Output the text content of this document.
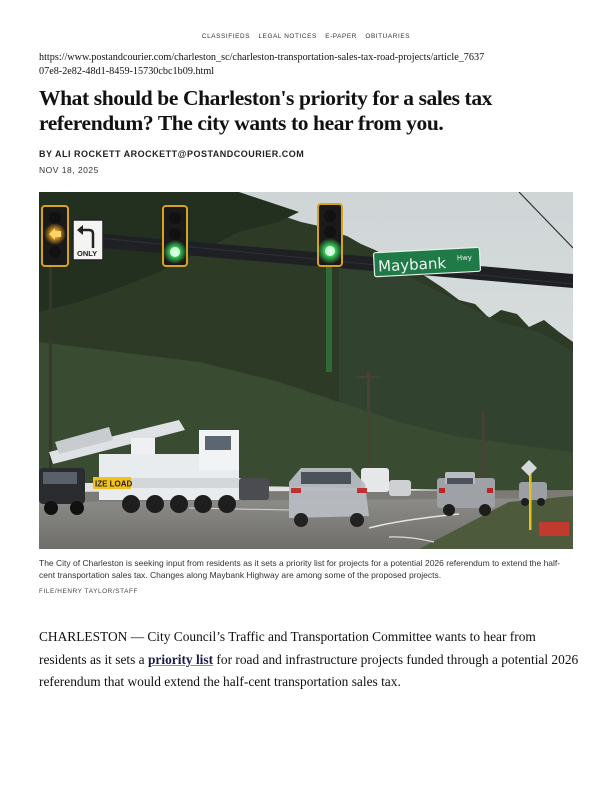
CLASSIFIEDS LEGAL NOTICES E-PAPER OBITUARIES
https://www.postandcourier.com/charleston_sc/charleston-transportation-sales-tax-road-projects/article_763707e8-2e82-48d1-8459-15730cbc1b09.html
What should be Charleston's priority for a sales tax referendum? The city wants to hear from you.
BY ALI ROCKETT AROCKETT@POSTANDCOURIER.COM
NOV 18, 2025
IZE LOAD
ONLY
Maybank Hwy
The City of Charleston is seeking input from residents as it sets a priority list for projects for a potential 2026 referendum to extend the half-cent transportation sales tax. Changes along Maybank Highway are among some of the proposed projects.
FILE/HENRY TAYLOR/STAFF

CHARLESTON — City Council’s Traffic and Transportation Committee wants to hear from residents as it sets a priority list for road and infrastructure projects funded through a potential 2026 referendum that would extend the half-cent transportation sales tax.
